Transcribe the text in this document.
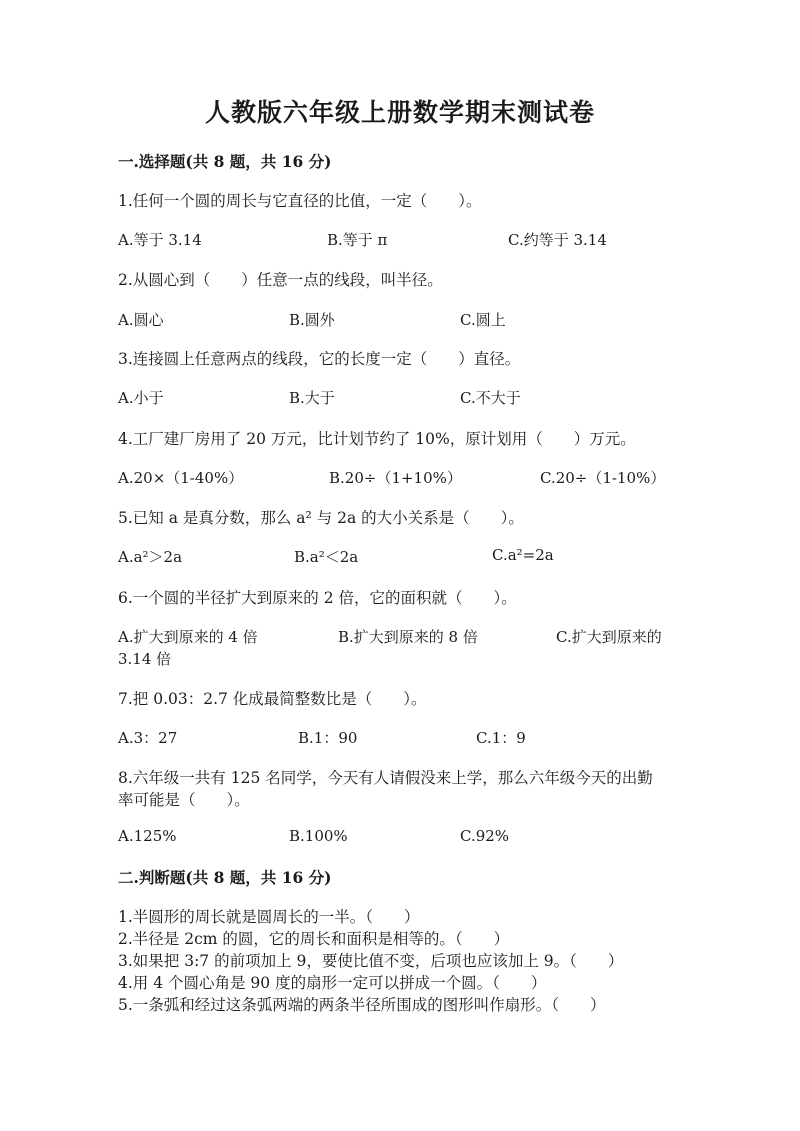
人教版六年级上册数学期末测试卷
一.选择题(共 8 题，共 16 分)
1.任何一个圆的周长与它直径的比值，一定（　　）。
A.等于 3.14	B.等于 π	C.约等于 3.14
2.从圆心到（　　）任意一点的线段，叫半径。
A.圆心	B.圆外	C.圆上
3.连接圆上任意两点的线段，它的长度一定（　　）直径。
A.小于	B.大于	C.不大于
4.工厂建厂房用了 20 万元，比计划节约了 10%，原计划用（　　）万元。
A.20×（1-40%）	B.20÷（1+10%）	C.20÷（1-10%）
5.已知 a 是真分数，那么 a² 与 2a 的大小关系是（　　）。
A.a²＞2a	B.a²＜2a	C.a²=2a
6.一个圆的半径扩大到原来的 2 倍，它的面积就（　　）。
A.扩大到原来的 4 倍	B.扩大到原来的 8 倍	C.扩大到原来的
3.14 倍
7.把 0.03：2.7 化成最简整数比是（　　）。
A.3：27	B.1：90	C.1：9
8.六年级一共有 125 名同学，今天有人请假没来上学，那么六年级今天的出勤
率可能是（　　）。
A.125%	B.100%	C.92%
二.判断题(共 8 题，共 16 分)
1.半圆形的周长就是圆周长的一半。（　　）
2.半径是 2cm 的圆，它的周长和面积是相等的。（　　）
3.如果把 3:7 的前项加上 9，要使比值不变，后项也应该加上 9。（　　）
4.用 4 个圆心角是 90 度的扇形一定可以拼成一个圆。（　　）
5.一条弧和经过这条弧两端的两条半径所围成的图形叫作扇形。（　　）
